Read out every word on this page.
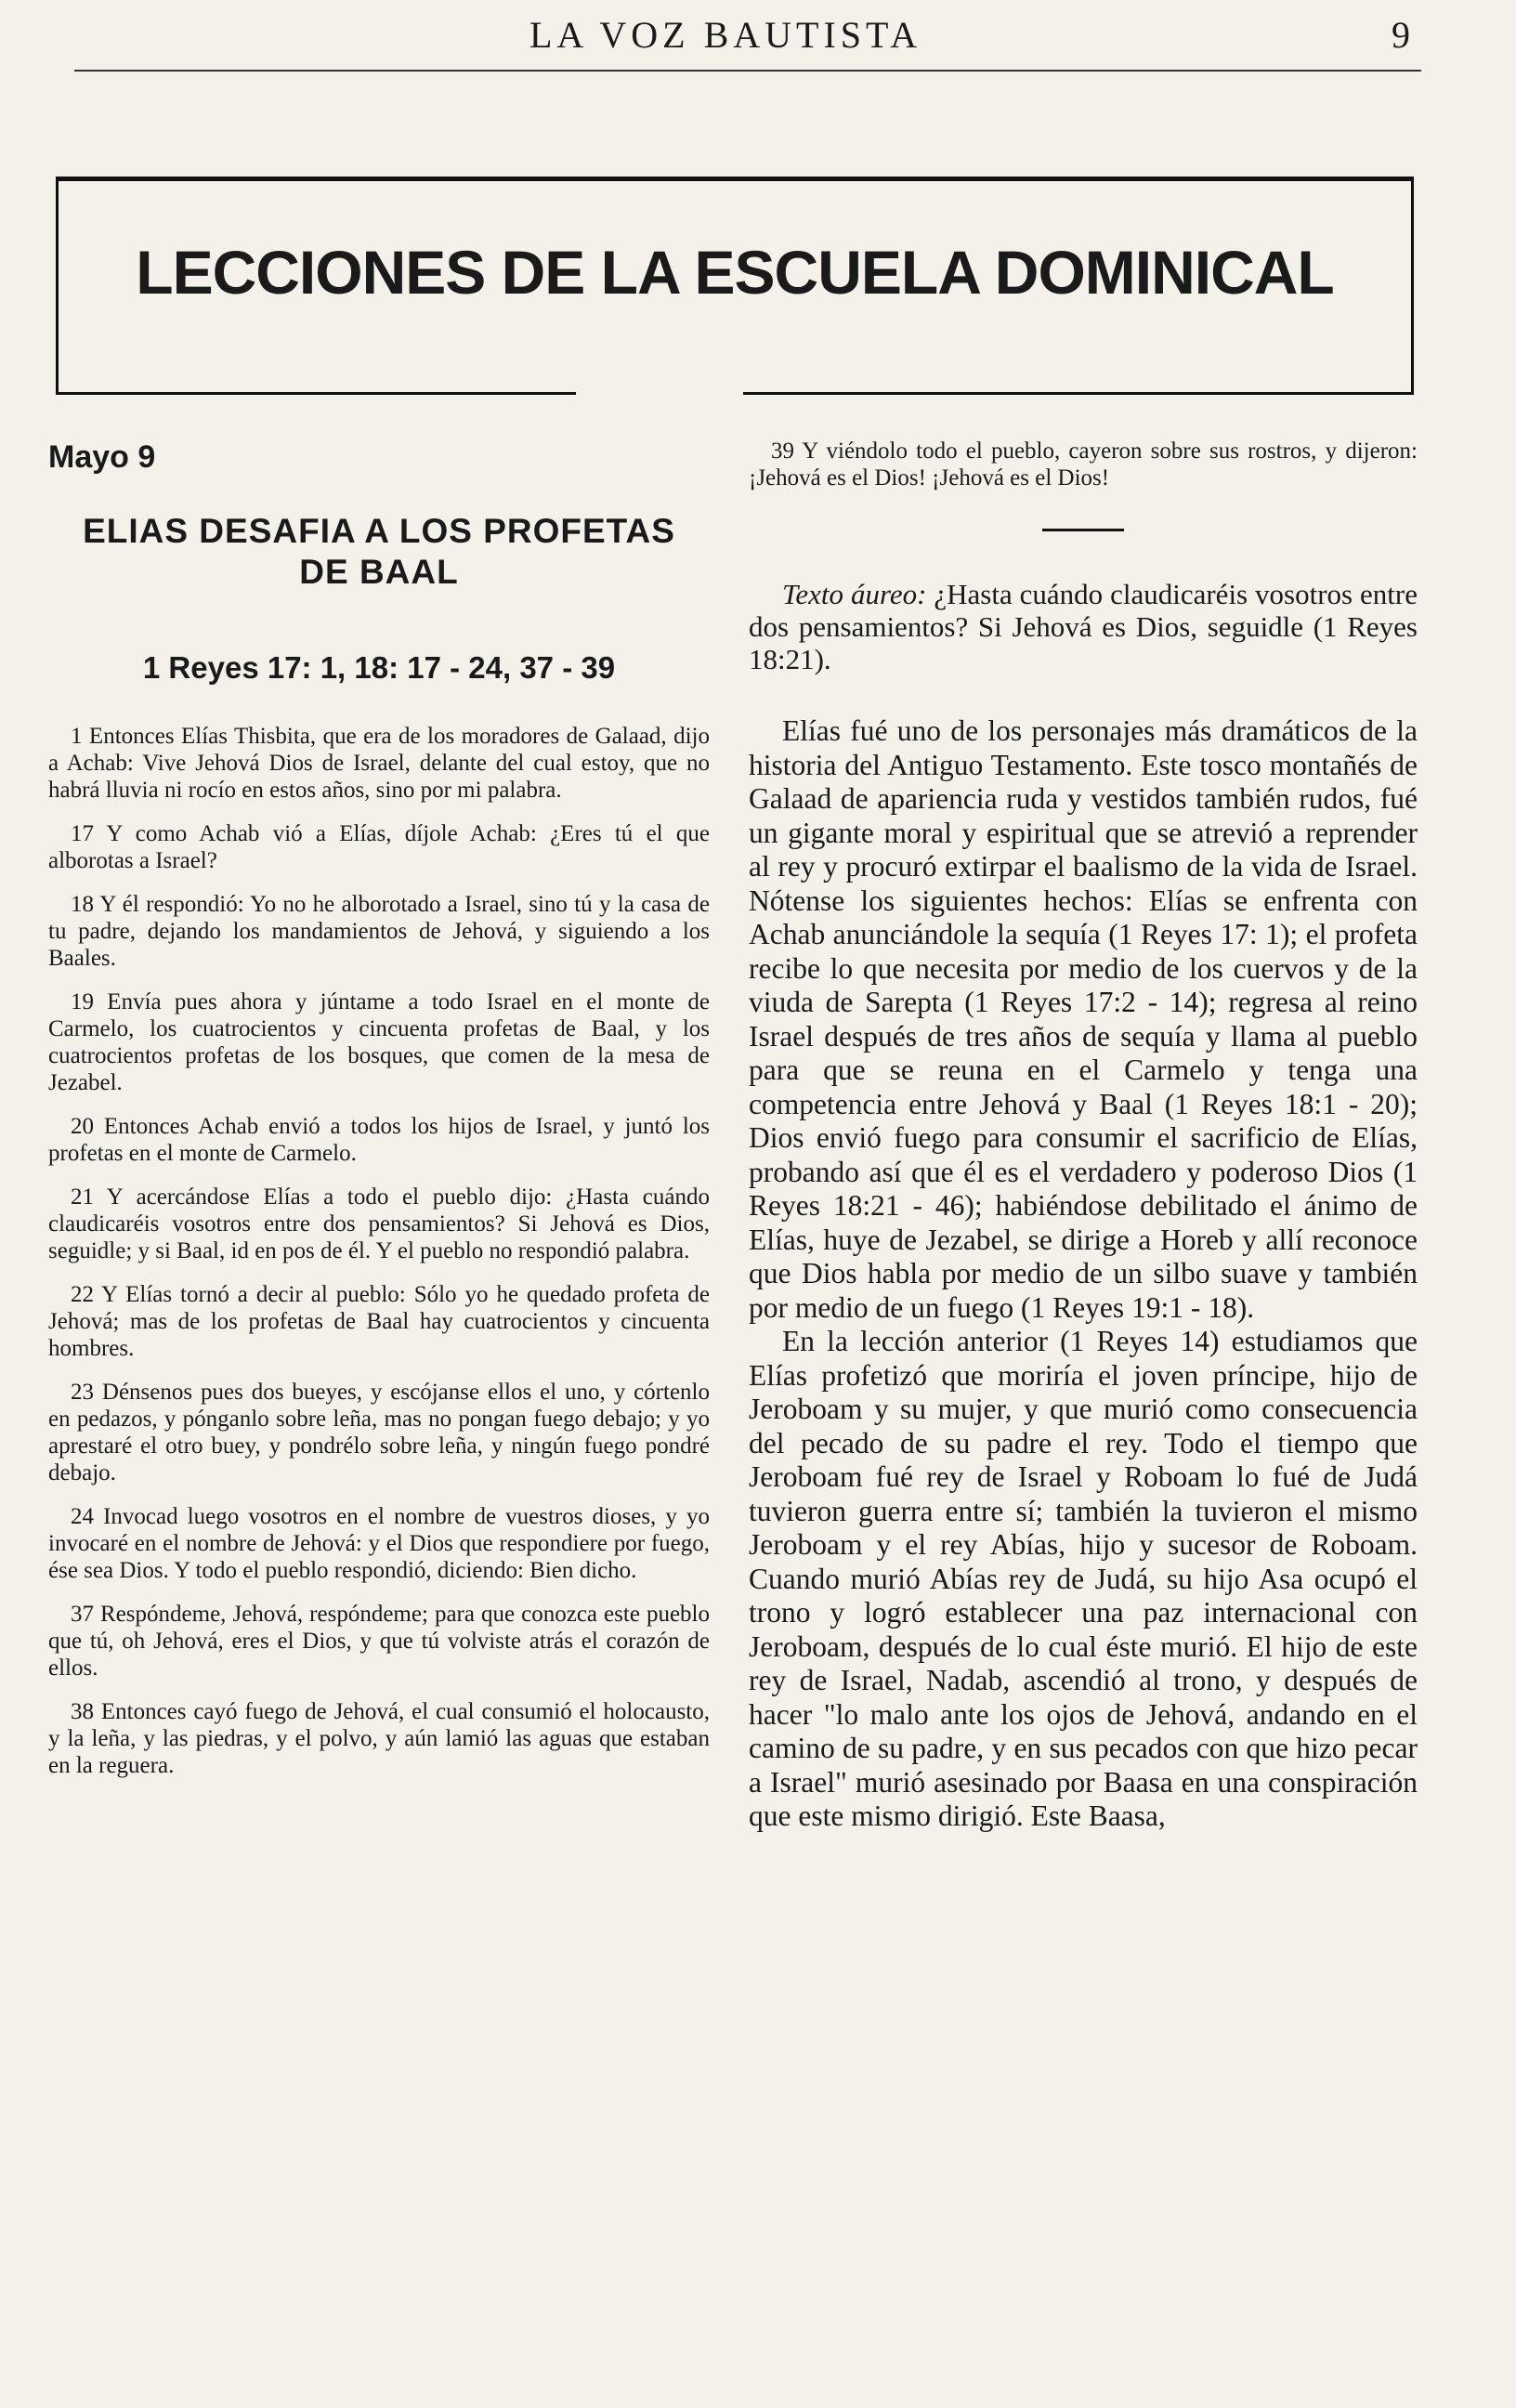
LA VOZ BAUTISTA	9
LECCIONES DE LA ESCUELA DOMINICAL
Mayo 9
ELIAS DESAFIA A LOS PROFETAS
DE BAAL
1 Reyes 17: 1, 18: 17 - 24, 37 - 39

1 Entonces Elías Thisbita, que era de los moradores de Galaad, dijo a Achab: Vive Jehová Dios de Israel, delante del cual estoy, que no habrá lluvia ni rocío en estos años, sino por mi palabra.

17 Y como Achab vió a Elías, díjole Achab: ¿Eres tú el que alborotas a Israel?

18 Y él respondió: Yo no he alborotado a Israel, sino tú y la casa de tu padre, dejando los mandamientos de Jehová, y siguiendo a los Baales.

19 Envía pues ahora y júntame a todo Israel en el monte de Carmelo, los cuatrocientos y cincuenta profetas de Baal, y los cuatrocientos profetas de los bosques, que comen de la mesa de Jezabel.

20 Entonces Achab envió a todos los hijos de Israel, y juntó los profetas en el monte de Carmelo.

21 Y acercándose Elías a todo el pueblo dijo: ¿Hasta cuándo claudicaréis vosotros entre dos pensamientos? Si Jehová es Dios, seguidle; y si Baal, id en pos de él. Y el pueblo no respondió palabra.

22 Y Elías tornó a decir al pueblo: Sólo yo he quedado profeta de Jehová; mas de los profetas de Baal hay cuatrocientos y cincuenta hombres.

23 Dénsenos pues dos bueyes, y escójanse ellos el uno, y córtenlo en pedazos, y pónganlo sobre leña, mas no pongan fuego debajo; y yo aprestaré el otro buey, y pondrélo sobre leña, y ningún fuego pondré debajo.

24 Invocad luego vosotros en el nombre de vuestros dioses, y yo invocaré en el nombre de Jehová: y el Dios que respondiere por fuego, ése sea Dios. Y todo el pueblo respondió, diciendo: Bien dicho.

37 Respóndeme, Jehová, respóndeme; para que conozca este pueblo que tú, oh Jehová, eres el Dios, y que tú volviste atrás el corazón de ellos.

38 Entonces cayó fuego de Jehová, el cual consumió el holocausto, y la leña, y las piedras, y el polvo, y aún lamió las aguas que estaban en la reguera.

39 Y viéndolo todo el pueblo, cayeron sobre sus rostros, y dijeron: ¡Jehová es el Dios! ¡Jehová es el Dios!

Texto áureo: ¿Hasta cuándo claudicaréis vosotros entre dos pensamientos? Si Jehová es Dios, seguidle (1 Reyes 18:21).

Elías fué uno de los personajes más dramáticos de la historia del Antiguo Testamento. Este tosco montañés de Galaad de apariencia ruda y vestidos también rudos, fué un gigante moral y espiritual que se atrevió a reprender al rey y procuró extirpar el baalismo de la vida de Israel. Nótense los siguientes hechos: Elías se enfrenta con Achab anunciándole la sequía (1 Reyes 17: 1); el profeta recibe lo que necesita por medio de los cuervos y de la viuda de Sarepta (1 Reyes 17:2 - 14); regresa al reino Israel después de tres años de sequía y llama al pueblo para que se reuna en el Carmelo y tenga una competencia entre Jehová y Baal (1 Reyes 18:1 - 20); Dios envió fuego para consumir el sacrificio de Elías, probando así que él es el verdadero y poderoso Dios (1 Reyes 18:21 - 46); habiéndose debilitado el ánimo de Elías, huye de Jezabel, se dirige a Horeb y allí reconoce que Dios habla por medio de un silbo suave y también por medio de un fuego (1 Reyes 19:1 - 18).

En la lección anterior (1 Reyes 14) estudiamos que Elías profetizó que moriría el joven príncipe, hijo de Jeroboam y su mujer, y que murió como consecuencia del pecado de su padre el rey. Todo el tiempo que Jeroboam fué rey de Israel y Roboam lo fué de Judá tuvieron guerra entre sí; también la tuvieron el mismo Jeroboam y el rey Abías, hijo y sucesor de Roboam. Cuando murió Abías rey de Judá, su hijo Asa ocupó el trono y logró establecer una paz internacional con Jeroboam, después de lo cual éste murió. El hijo de este rey de Israel, Nadab, ascendió al trono, y después de hacer "lo malo ante los ojos de Jehová, andando en el camino de su padre, y en sus pecados con que hizo pecar a Israel" murió asesinado por Baasa en una conspiración que este mismo dirigió. Este Baasa,
